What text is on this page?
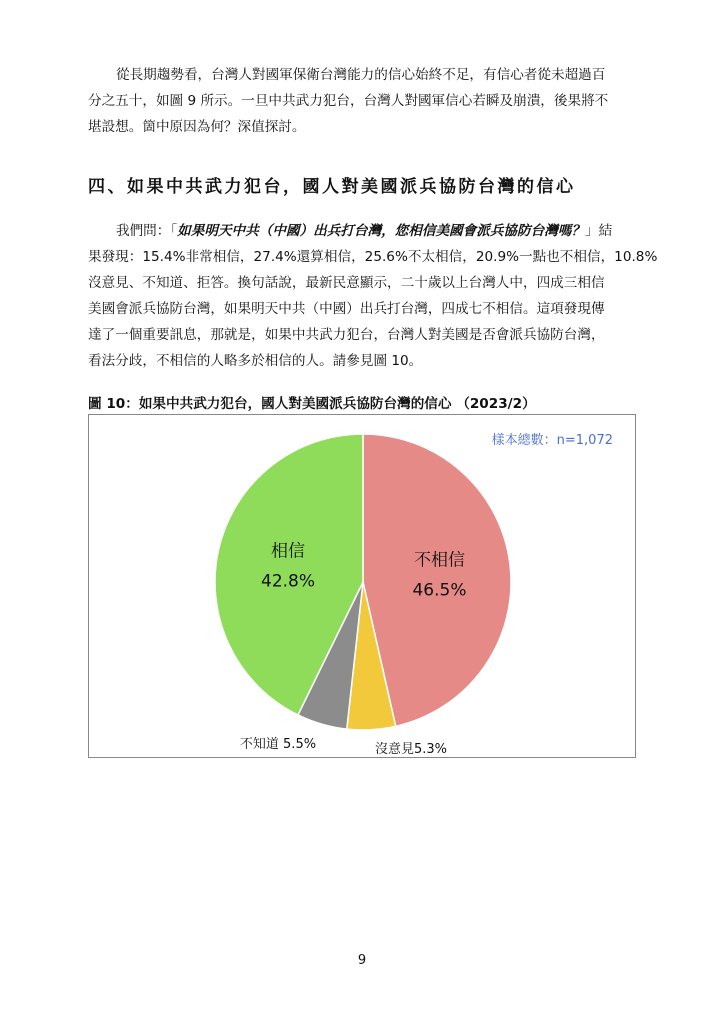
從長期趨勢看，台灣人對國軍保衛台灣能力的信心始終不足，有信心者從未超過百
分之五十，如圖 9 所示。一旦中共武力犯台，台灣人對國軍信心若瞬及崩潰，後果將不
堪設想。箇中原因為何？深值探討。
四、如果中共武力犯台，國人對美國派兵協防台灣的信心
我們問：「如果明天中共（中國）出兵打台灣，您相信美國會派兵協防台灣嗎？」結
果發現：15.4%非常相信，27.4%還算相信，25.6%不太相信，20.9%一點也不相信，10.8%
沒意見、不知道、拒答。換句話說，最新民意顯示，二十歲以上台灣人中，四成三相信
美國會派兵協防台灣，如果明天中共（中國）出兵打台灣，四成七不相信。這項發現傳
達了一個重要訊息，那就是，如果中共武力犯台，台灣人對美國是否會派兵協防台灣，
看法分歧，不相信的人略多於相信的人。請參見圖 10。

圖 10：如果中共武力犯台，國人對美國派兵協防台灣的信心 （2023/2）

樣本總數：n=1,072
不相信
46.5%
沒意見5.3%
不知道 5.5%
相信
42.8%
9
